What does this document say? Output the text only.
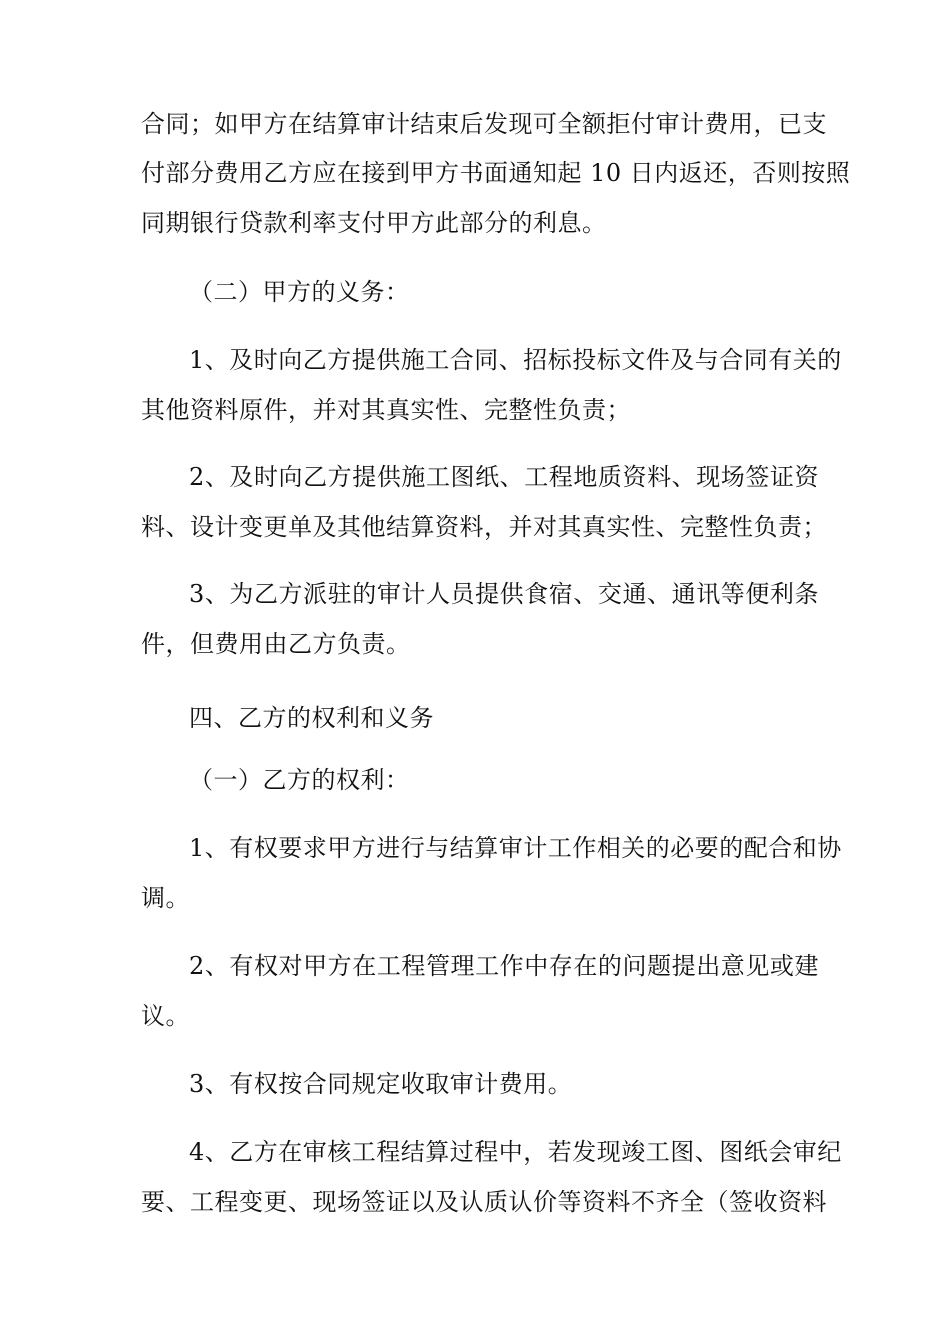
合同；如甲方在结算审计结束后发现可全额拒付审计费用，已支
付部分费用乙方应在接到甲方书面通知起 10 日内返还，否则按照
同期银行贷款利率支付甲方此部分的利息。
（二）甲方的义务：
1、及时向乙方提供施工合同、招标投标文件及与合同有关的
其他资料原件，并对其真实性、完整性负责；
2、及时向乙方提供施工图纸、工程地质资料、现场签证资
料、设计变更单及其他结算资料，并对其真实性、完整性负责；
3、为乙方派驻的审计人员提供食宿、交通、通讯等便利条
件，但费用由乙方负责。
四、乙方的权利和义务
（一）乙方的权利：
1、有权要求甲方进行与结算审计工作相关的必要的配合和协
调。
2、有权对甲方在工程管理工作中存在的问题提出意见或建
议。
3、有权按合同规定收取审计费用。
4、乙方在审核工程结算过程中，若发现竣工图、图纸会审纪
要、工程变更、现场签证以及认质认价等资料不齐全（签收资料
